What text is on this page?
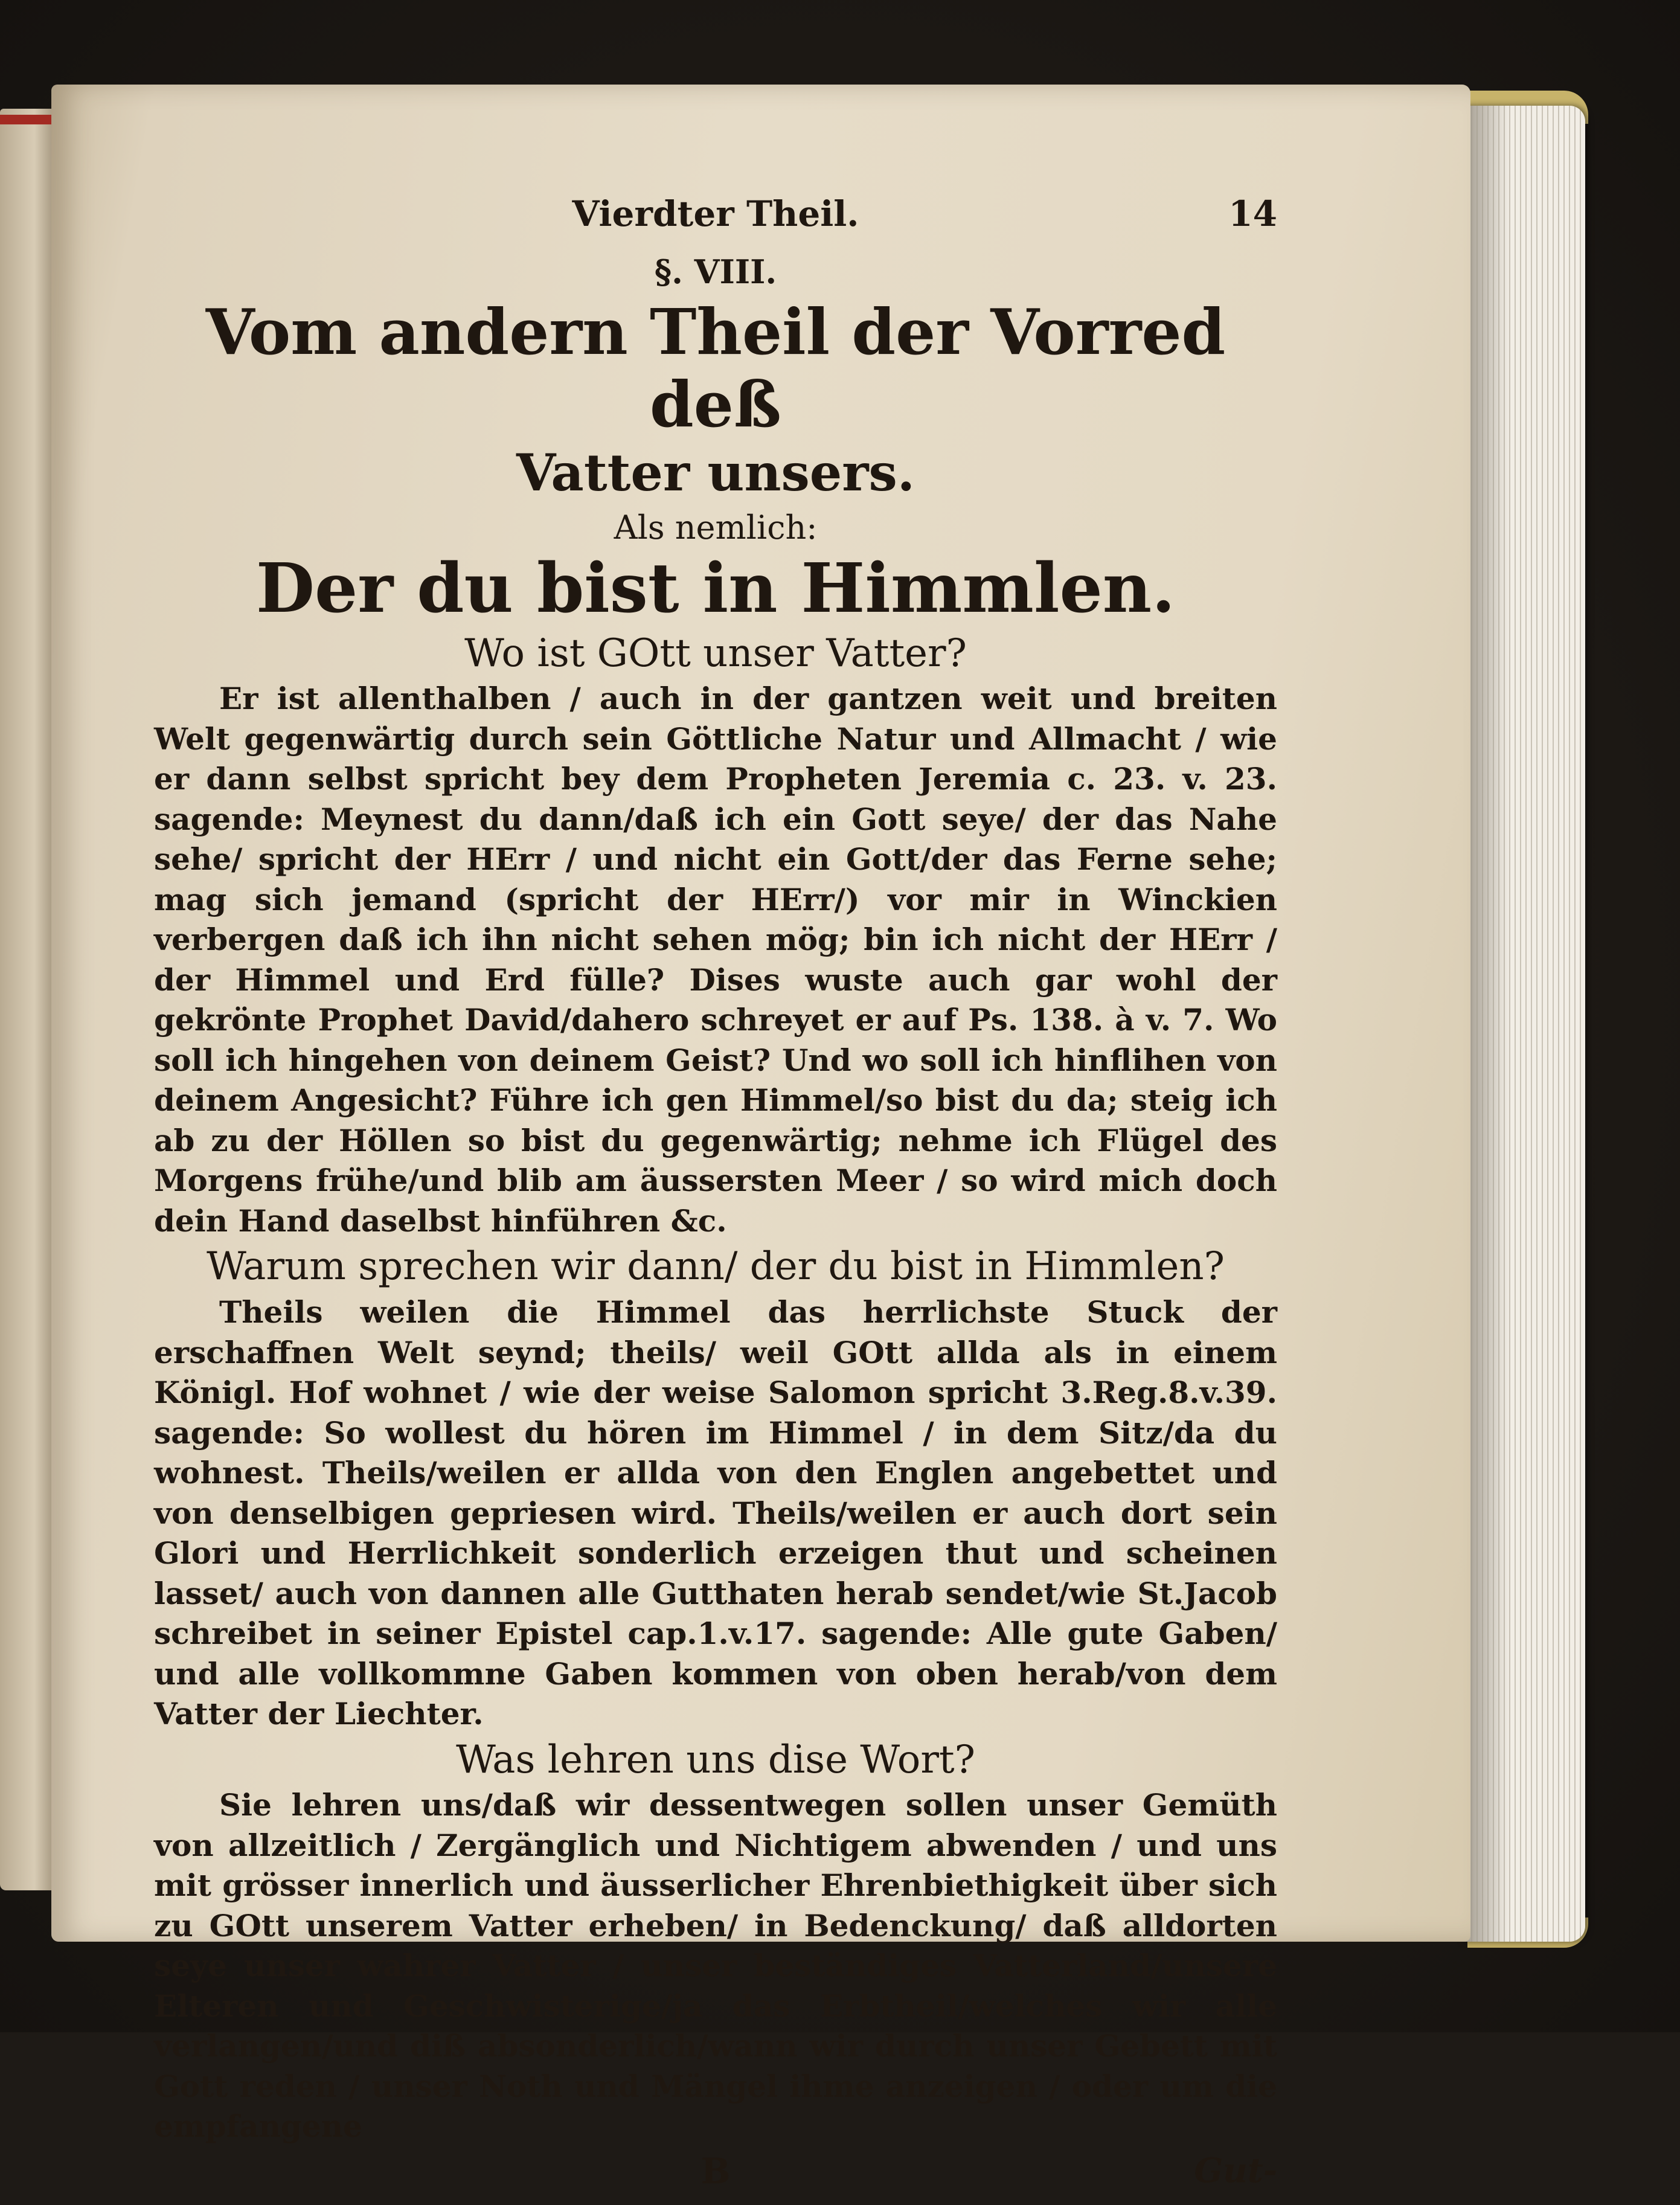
Vierdter Theil.	14
§. VIII.
Vom andern Theil der Vorred deß
Vatter unsers.
Als nemlich:
Der du bist in Himmlen.
Wo ist GOtt unser Vatter?

Er ist allenthalben / auch in der gantzen weit und breiten Welt gegenwärtig durch sein Göttliche Natur und Allmacht / wie er dann selbst spricht bey dem Propheten Jeremia c. 23. v. 23. sagende: Meynest du dann/daß ich ein Gott seye/ der das Nahe sehe/ spricht der HErr / und nicht ein Gott/der das Ferne sehe; mag sich jemand (spricht der HErr/) vor mir in Winckien verbergen daß ich ihn nicht sehen mög; bin ich nicht der HErr / der Himmel und Erd fülle? Dises wuste auch gar wohl der gekrönte Prophet David/dahero schreyet er auf Ps. 138. à v. 7. Wo soll ich hingehen von deinem Geist? Und wo soll ich hinflihen von deinem Angesicht? Führe ich gen Himmel/so bist du da; steig ich ab zu der Höllen so bist du gegenwärtig; nehme ich Flügel des Morgens frühe/und blib am äussersten Meer / so wird mich doch dein Hand daselbst hinführen &c.

Warum sprechen wir dann/ der du bist in Himmlen?

Theils weilen die Himmel das herrlichste Stuck der erschaffnen Welt seynd; theils/ weil GOtt allda als in einem Königl. Hof wohnet / wie der weise Salomon spricht 3.Reg.8.v.39. sagende: So wollest du hören im Himmel / in dem Sitz/da du wohnest. Theils/weilen er allda von den Englen angebettet und von denselbigen gepriesen wird. Theils/weilen er auch dort sein Glori und Herrlichkeit sonderlich erzeigen thut und scheinen lasset/ auch von dannen alle Gutthaten herab sendet/wie St.Jacob schreibet in seiner Epistel cap.1.v.17. sagende: Alle gute Gaben/ und alle vollkommne Gaben kommen von oben herab/von dem Vatter der Liechter.

Was lehren uns dise Wort?

Sie lehren uns/daß wir dessentwegen sollen unser Gemüth von allzeitlich / Zergänglich und Nichtigem abwenden / und uns mit grösser innerlich und äusserlicher Ehrenbiethigkeit über sich zu GOtt unserem Vatter erheben/ in Bedenckung/ daß alldorten seye unser wahrer Vatter / unser beständiges Vatterland/unsere Elteren und Geschwisterige/ja das Erbtheil/welches wir alle verlangen/und diß absonderlich/wann wir durch unser Gebett mit Gott reden / unser Noth und Mängel ihme anzeigen / oder um die empfangene

B	Gut-
